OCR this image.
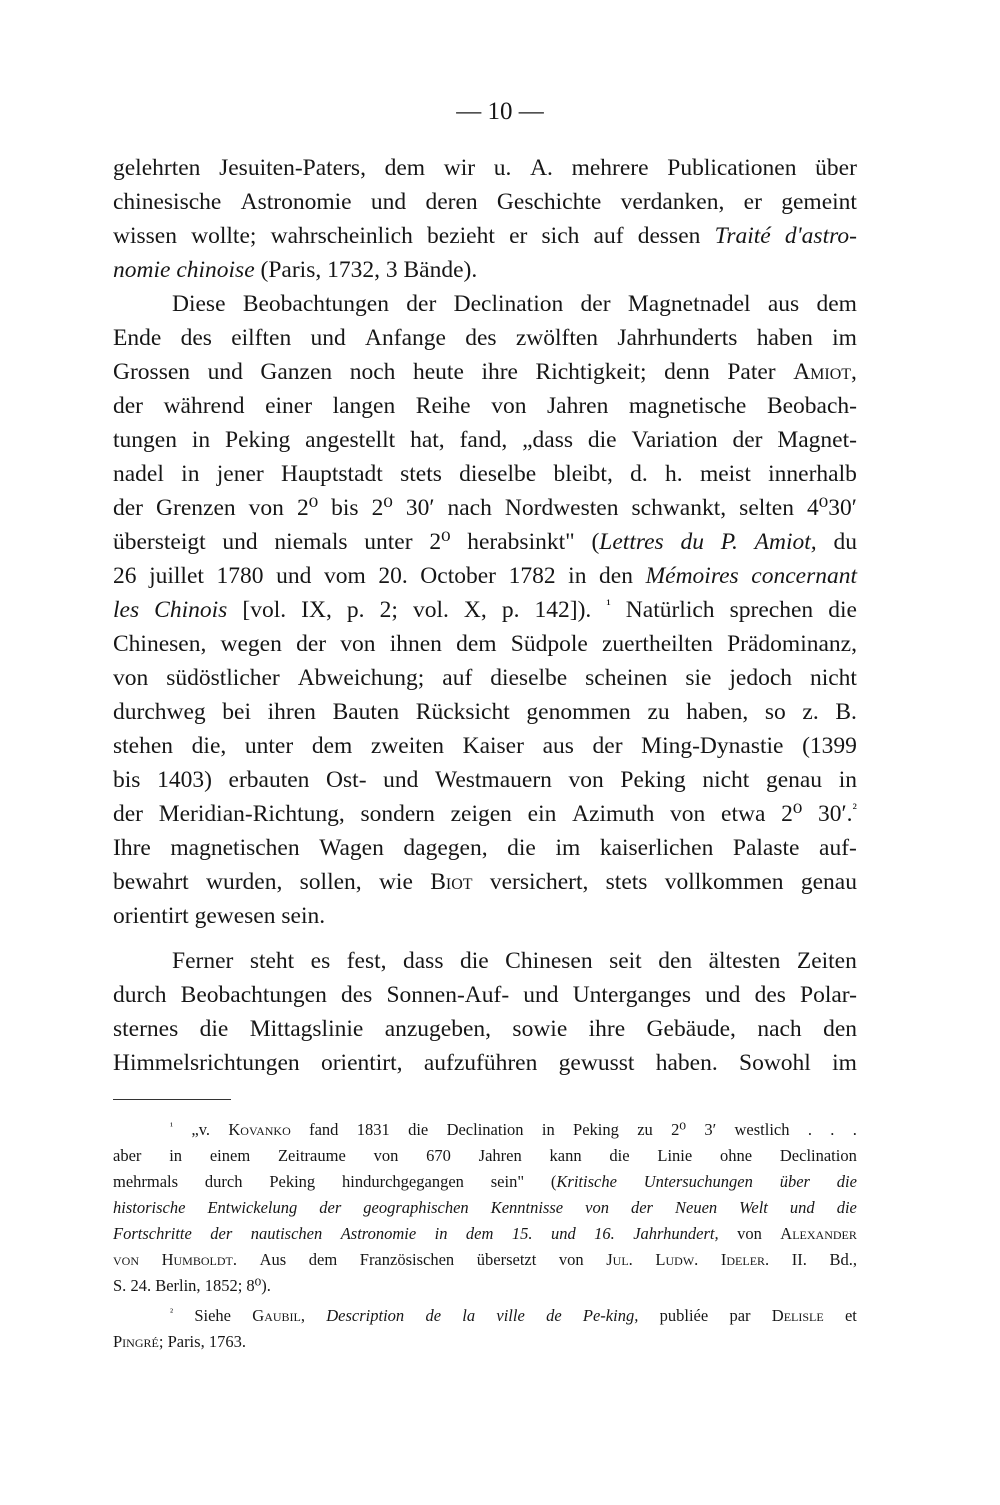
— 10 —
gelehrten Jesuiten-Paters, dem wir u. A. mehrere Publicationen über
chinesische Astronomie und deren Geschichte verdanken, er gemeint
wissen wollte; wahrscheinlich bezieht er sich auf dessen Traité d'astro-
nomie chinoise (Paris, 1732, 3 Bände).
Diese Beobachtungen der Declination der Magnetnadel aus dem
Ende des eilften und Anfange des zwölften Jahrhunderts haben im
Grossen und Ganzen noch heute ihre Richtigkeit; denn Pater Amiot,
der während einer langen Reihe von Jahren magnetische Beobach-
tungen in Peking angestellt hat, fand, „dass die Variation der Magnet-
nadel in jener Hauptstadt stets dieselbe bleibt, d. h. meist innerhalb
der Grenzen von 2⁰ bis 2⁰ 30′ nach Nordwesten schwankt, selten 4⁰30′
übersteigt und niemals unter 2⁰ herabsinkt" (Lettres du P. Amiot, du
26 juillet 1780 und vom 20. October 1782 in den Mémoires concernant
les Chinois [vol. IX, p. 2; vol. X, p. 142]). $^{^1}$ Natürlich sprechen die
Chinesen, wegen der von ihnen dem Südpole zuertheilten Prädominanz,
von südöstlicher Abweichung; auf dieselbe scheinen sie jedoch nicht
durchweg bei ihren Bauten Rücksicht genommen zu haben, so z. B.
stehen die, unter dem zweiten Kaiser aus der Ming-Dynastie (1399
bis 1403) erbauten Ost- und Westmauern von Peking nicht genau in
der Meridian-Richtung, sondern zeigen ein Azimuth von etwa 2⁰ 30′.$^{^2}$
Ihre magnetischen Wagen dagegen, die im kaiserlichen Palaste auf-
bewahrt wurden, sollen, wie Biot versichert, stets vollkommen genau
orientirt gewesen sein.
Ferner steht es fest, dass die Chinesen seit den ältesten Zeiten
durch Beobachtungen des Sonnen-Auf- und Unterganges und des Polar-
sternes die Mittagslinie anzugeben, sowie ihre Gebäude, nach den
Himmelsrichtungen orientirt, aufzuführen gewusst haben. Sowohl im
$^{^1}$ „v. Kovanko fand 1831 die Declination in Peking zu 2⁰ 3′ westlich . . .
aber in einem Zeitraume von 670 Jahren kann die Linie ohne Declination
mehrmals durch Peking hindurchgegangen sein" (Kritische Untersuchungen über die
historische Entwickelung der geographischen Kenntnisse von der Neuen Welt und die
Fortschritte der nautischen Astronomie in dem 15. und 16. Jahrhundert, von Alexander
von Humboldt. Aus dem Französischen übersetzt von Jul. Ludw. Ideler. II. Bd.,
S. 24. Berlin, 1852; 8⁰).
$^{^2}$ Siehe Gaubil, Description de la ville de Pe-king, publiée par Delisle et
Pingré; Paris, 1763.
